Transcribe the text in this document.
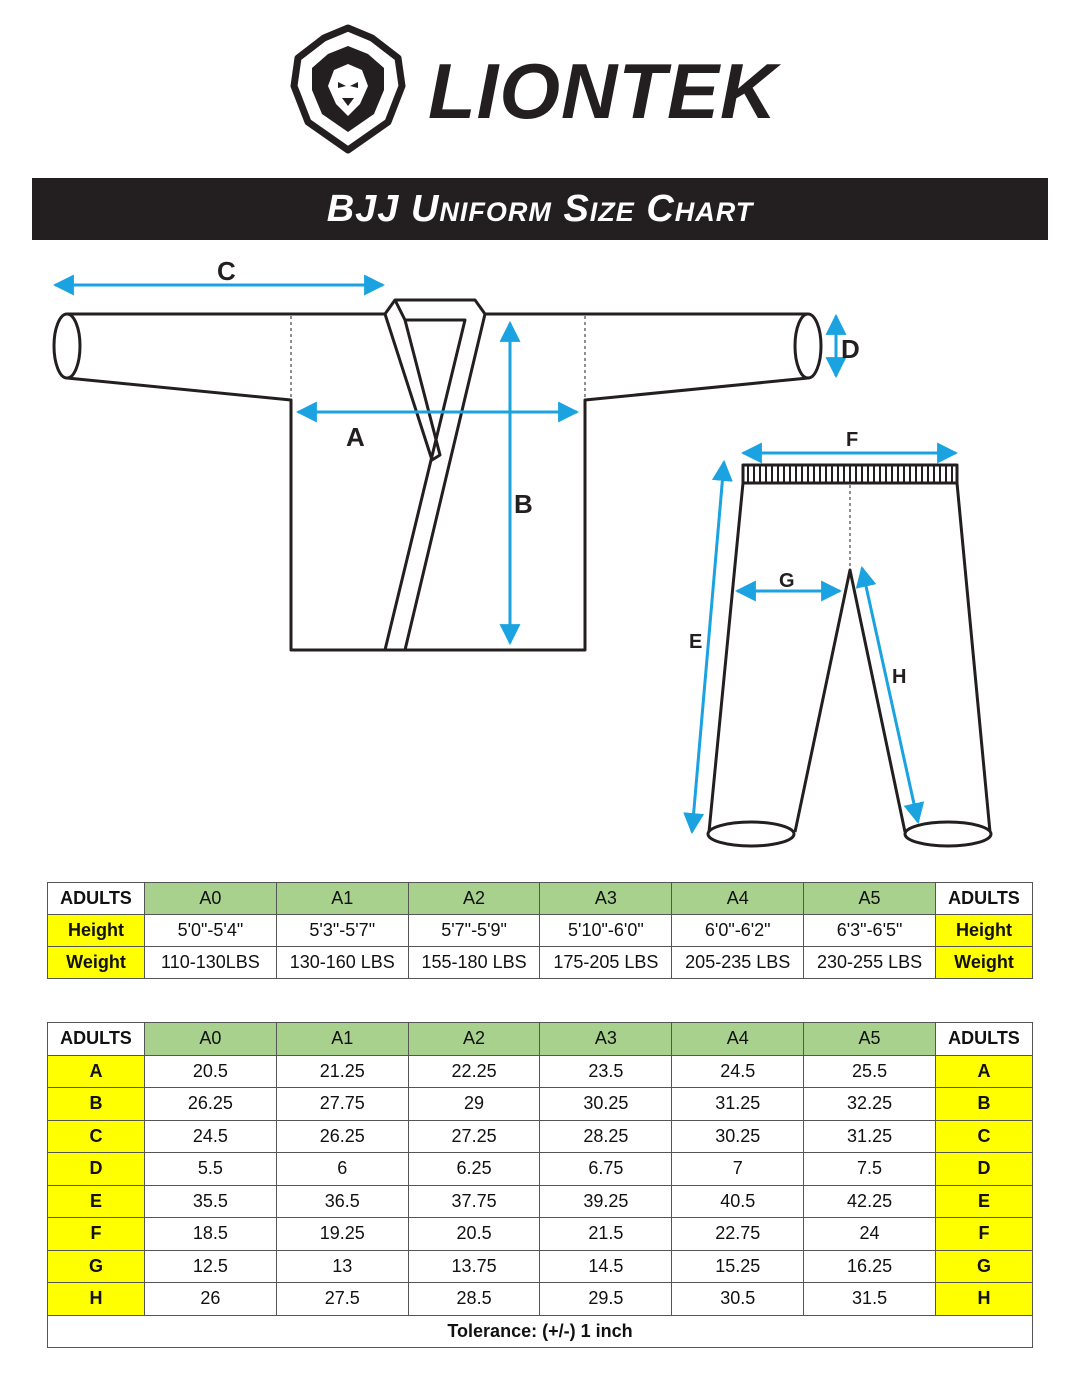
LIONTEK
BJJ Uniform Size Chart
C
A
B
D
F
E
G
H
ADULTS	A0	A1	A2	A3	A4	A5	ADULTS
Height	5'0"-5'4"	5'3"-5'7"	5'7"-5'9"	5'10"-6'0"	6'0"-6'2"	6'3"-6'5"	Height
Weight	110-130LBS	130-160 LBS	155-180 LBS	175-205 LBS	205-235 LBS	230-255 LBS	Weight
ADULTS	A0	A1	A2	A3	A4	A5	ADULTS
A	20.5	21.25	22.25	23.5	24.5	25.5	A
B	26.25	27.75	29	30.25	31.25	32.25	B
C	24.5	26.25	27.25	28.25	30.25	31.25	C
D	5.5	6	6.25	6.75	7	7.5	D
E	35.5	36.5	37.75	39.25	40.5	42.25	E
F	18.5	19.25	20.5	21.5	22.75	24	F
G	12.5	13	13.75	14.5	15.25	16.25	G
H	26	27.5	28.5	29.5	30.5	31.5	H
Tolerance: (+/-) 1 inch							
